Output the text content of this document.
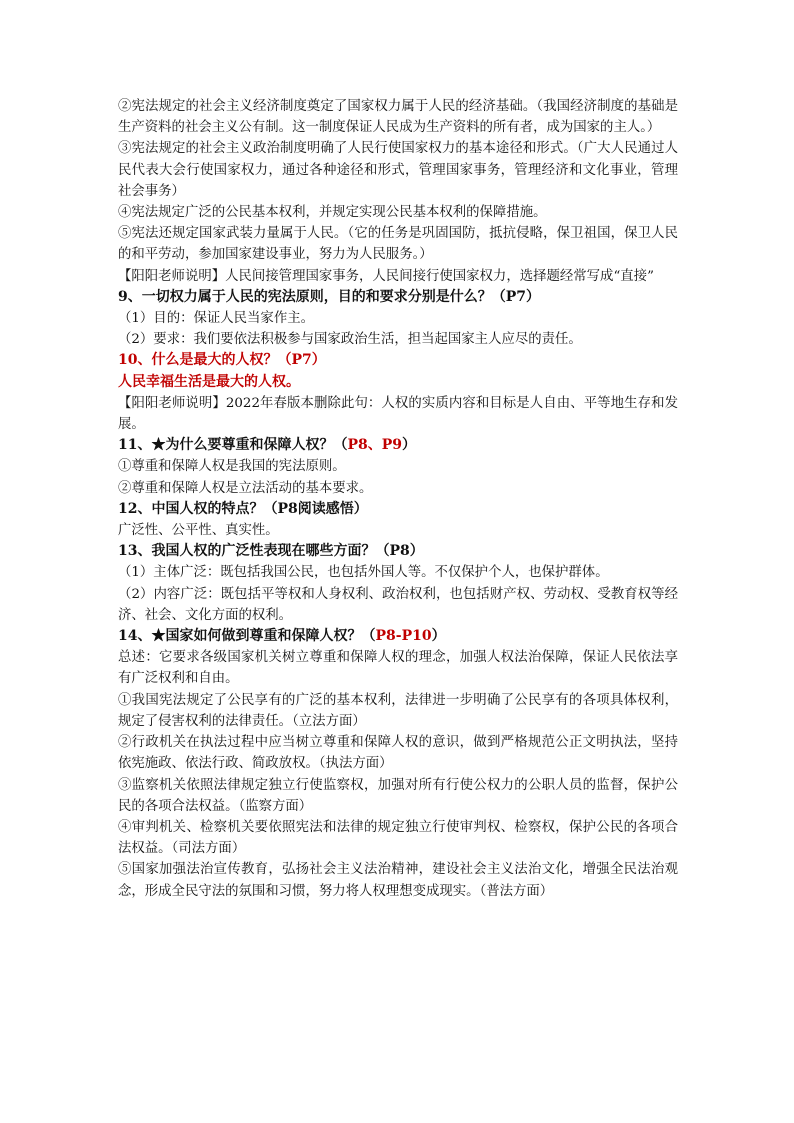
②宪法规定的社会主义经济制度奠定了国家权力属于人民的经济基础。（我国经济制度的基础是生产资料的社会主义公有制。这一制度保证人民成为生产资料的所有者，成为国家的主人。）
③宪法规定的社会主义政治制度明确了人民行使国家权力的基本途径和形式。（广大人民通过人民代表大会行使国家权力，通过各种途径和形式，管理国家事务，管理经济和文化事业，管理社会事务）
④宪法规定广泛的公民基本权利，并规定实现公民基本权利的保障措施。
⑤宪法还规定国家武装力量属于人民。（它的任务是巩固国防，抵抗侵略，保卫祖国，保卫人民的和平劳动，参加国家建设事业，努力为人民服务。）
【阳阳老师说明】人民间接管理国家事务，人民间接行使国家权力，选择题经常写成“直接”
9、一切权力属于人民的宪法原则，目的和要求分别是什么？（P7）
（1）目的：保证人民当家作主。
（2）要求：我们要依法积极参与国家政治生活，担当起国家主人应尽的责任。
10、什么是最大的人权？（P7）
人民幸福生活是最大的人权。
【阳阳老师说明】2022年春版本删除此句：人权的实质内容和目标是人自由、平等地生存和发展。
11、★为什么要尊重和保障人权？（P8、P9）
①尊重和保障人权是我国的宪法原则。
②尊重和保障人权是立法活动的基本要求。
12、中国人权的特点？（P8阅读感悟）
广泛性、公平性、真实性。
13、我国人权的广泛性表现在哪些方面？（P8）
（1）主体广泛：既包括我国公民，也包括外国人等。不仅保护个人，也保护群体。
（2）内容广泛：既包括平等权和人身权利、政治权利，也包括财产权、劳动权、受教育权等经济、社会、文化方面的权利。
14、★国家如何做到尊重和保障人权？（P8-P10）
总述：它要求各级国家机关树立尊重和保障人权的理念，加强人权法治保障，保证人民依法享有广泛权利和自由。
①我国宪法规定了公民享有的广泛的基本权利，法律进一步明确了公民享有的各项具体权利，规定了侵害权利的法律责任。（立法方面）
②行政机关在执法过程中应当树立尊重和保障人权的意识，做到严格规范公正文明执法，坚持依宪施政、依法行政、简政放权。（执法方面）
③监察机关依照法律规定独立行使监察权，加强对所有行使公权力的公职人员的监督，保护公民的各项合法权益。（监察方面）
④审判机关、检察机关要依照宪法和法律的规定独立行使审判权、检察权，保护公民的各项合法权益。（司法方面）
⑤国家加强法治宣传教育，弘扬社会主义法治精神，建设社会主义法治文化，增强全民法治观念，形成全民守法的氛围和习惯，努力将人权理想变成现实。（普法方面）
